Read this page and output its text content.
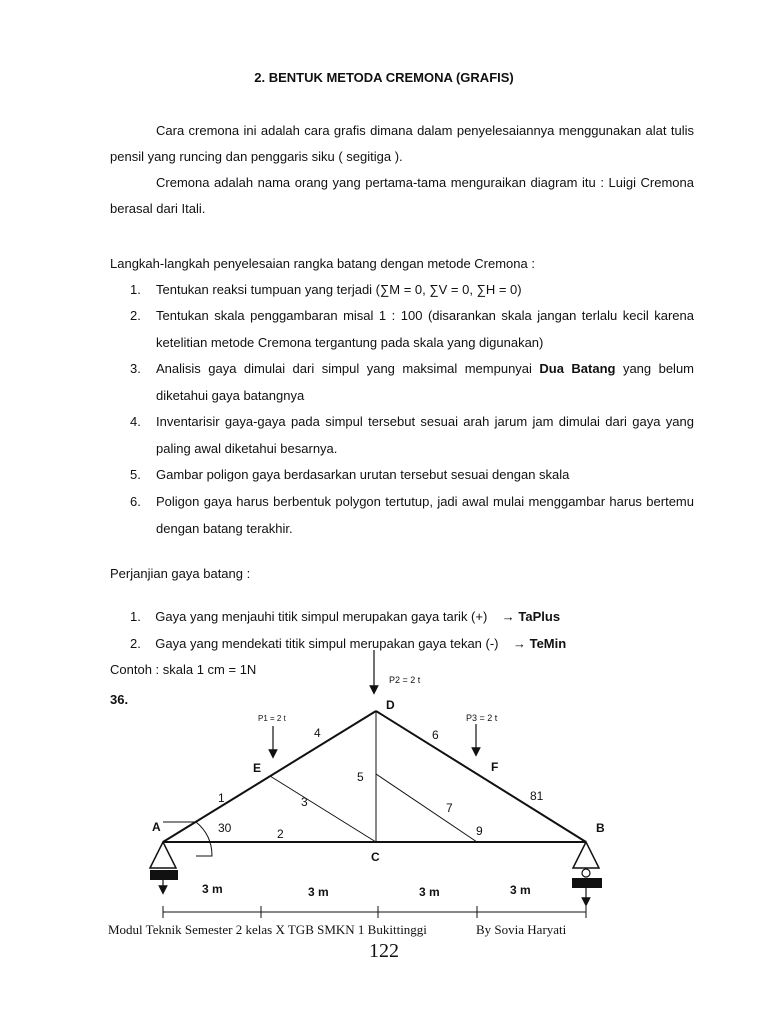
2. BENTUK METODA CREMONA (GRAFIS)
Cara cremona ini adalah cara grafis dimana dalam penyelesaiannya menggunakan alat tulis pensil yang runcing dan penggaris siku ( segitiga ).
Cremona adalah nama orang yang pertama-tama menguraikan diagram itu : Luigi Cremona berasal dari Itali.
Langkah-langkah penyelesaian rangka batang dengan metode Cremona :
1.	Tentukan reaksi tumpuan yang terjadi (∑M = 0, ∑V = 0, ∑H = 0)
2.	Tentukan skala penggambaran misal 1 : 100 (disarankan skala jangan terlalu kecil karena ketelitian metode Cremona tergantung pada skala yang digunakan)
3.	Analisis gaya dimulai dari simpul yang maksimal mempunyai Dua Batang yang belum diketahui gaya batangnya
4.	Inventarisir gaya-gaya pada simpul tersebut sesuai arah jarum jam dimulai dari gaya yang paling awal diketahui besarnya.
5.	Gambar poligon gaya berdasarkan urutan tersebut sesuai dengan skala
6.	Poligon gaya harus berbentuk polygon tertutup, jadi awal mulai menggambar harus bertemu dengan batang terakhir.
Perjanjian gaya batang :
1. Gaya yang menjauhi titik simpul merupakan gaya tarik (+) → TaPlus
2. Gaya yang mendekati titik simpul merupakan gaya tekan (-) → TeMin
Contoh : skala 1 cm = 1N
36.
P1 = 2 t
P2 = 2 t
P3 = 2 t
A	B
C
D
E	F
1
2
3
4
5
6
7
81
9
30
3 m	3 m	3 m	3 m
Modul Teknik Semester 2 kelas X TGB SMKN 1 Bukittinggi	By Sovia Haryati
122
